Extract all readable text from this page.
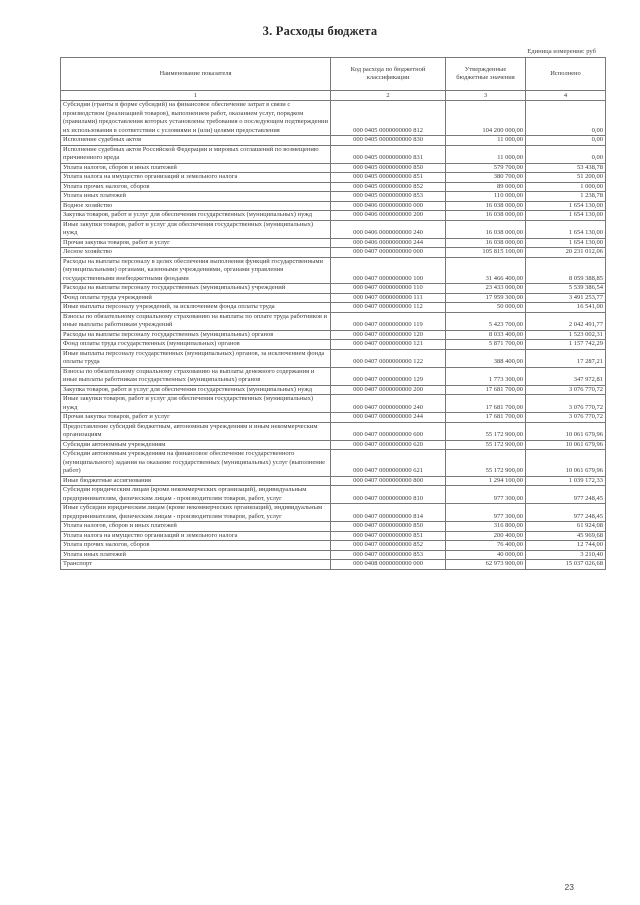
3. Расходы бюджета
Единица измерения: руб
Наименование показателя	Код расхода по бюджетной классификации	Утвержденные бюджетные значения	Исполнено
1	2	3	4
Субсидии (гранты в форме субсидий) на финансовое обеспечение затрат в связи с производством (реализацией товаров), выполнением работ, оказанием услуг, порядком (правилами) предоставления которых установлены требования о последующем подтверждении их использования в соответствии с условиями и (или) целями предоставления	000 0405 0000000000 812	104 200 000,00	0,00
Исполнение судебных актов	000 0405 0000000000 830	11 000,00	0,00
Исполнение судебных актов Российской Федерации и мировых соглашений по возмещению причиненного вреда	000 0405 0000000000 831	11 000,00	0,00
Уплата налогов, сборов и иных платежей	000 0405 0000000000 850	579 700,00	53 438,78
Уплата налога на имущество организаций и земельного налога	000 0405 0000000000 851	380 700,00	51 200,00
Уплата прочих налогов, сборов	000 0405 0000000000 852	89 000,00	1 000,00
Уплата иных платежей	000 0405 0000000000 853	110 000,00	1 238,78
Водное хозяйство	000 0406 0000000000 000	16 038 000,00	1 654 130,00
Закупка товаров, работ и услуг для обеспечения государственных (муниципальных) нужд	000 0406 0000000000 200	16 038 000,00	1 654 130,00
Иные закупки товаров, работ и услуг для обеспечения государственных (муниципальных) нужд	000 0406 0000000000 240	16 038 000,00	1 654 130,00
Прочая закупка товаров, работ и услуг	000 0406 0000000000 244	16 038 000,00	1 654 130,00
Лесное хозяйство	000 0407 0000000000 000	105 815 100,00	20 231 012,06
Расходы на выплаты персоналу в целях обеспечения выполнения функций государственными (муниципальными) органами, казенными учреждениями, органами управления государственными внебюджетными фондами	000 0407 0000000000 100	31 466 400,00	8 059 388,85
Расходы на выплаты персоналу государственных (муниципальных) учреждений	000 0407 0000000000 110	23 433 000,00	5 539 386,54
Фонд оплаты труда учреждений	000 0407 0000000000 111	17 959 300,00	3 491 253,77
Иные выплаты персоналу учреждений, за исключением фонда оплаты труда	000 0407 0000000000 112	50 000,00	16 541,00
Взносы по обязательному социальному страхованию на выплаты по оплате труда работников и иные выплаты работникам учреждений	000 0407 0000000000 119	5 423 700,00	2 042 491,77
Расходы на выплаты персоналу государственных (муниципальных) органов	000 0407 0000000000 120	8 033 400,00	1 523 002,31
Фонд оплаты труда государственных (муниципальных) органов	000 0407 0000000000 121	5 871 700,00	1 157 742,29
Иные выплаты персоналу государственных (муниципальных) органов, за исключением фонда оплаты труда	000 0407 0000000000 122	388 400,00	17 287,21
Взносы по обязательному социальному страхованию на выплаты денежного содержания и иные выплаты работникам государственных (муниципальных) органов	000 0407 0000000000 129	1 773 300,00	347 972,81
Закупка товаров, работ и услуг для обеспечения государственных (муниципальных) нужд	000 0407 0000000000 200	17 681 700,00	3 076 770,72
Иные закупки товаров, работ и услуг для обеспечения государственных (муниципальных) нужд	000 0407 0000000000 240	17 681 700,00	3 076 770,72
Прочая закупка товаров, работ и услуг	000 0407 0000000000 244	17 681 700,00	3 076 770,72
Предоставление субсидий бюджетным, автономным учреждениям и иным некоммерческим организациям	000 0407 0000000000 600	55 172 900,00	10 061 679,96
Субсидии автономным учреждениям	000 0407 0000000000 620	55 172 900,00	10 061 679,96
Субсидии автономным учреждениям на финансовое обеспечение государственного (муниципального) задания на оказание государственных (муниципальных) услуг (выполнение работ)	000 0407 0000000000 621	55 172 900,00	10 061 679,96
Иные бюджетные ассигнования	000 0407 0000000000 800	1 294 100,00	1 039 172,33
Субсидии юридическим лицам (кроме некоммерческих организаций), индивидуальным предпринимателям, физическим лицам - производителям товаров, работ, услуг	000 0407 0000000000 810	977 300,00	977 248,45
Иные субсидии юридическим лицам (кроме некоммерческих организаций), индивидуальным предпринимателям, физическим лицам - производителям товаров, работ, услуг	000 0407 0000000000 814	977 300,00	977 248,45
Уплата налогов, сборов и иных платежей	000 0407 0000000000 850	316 800,00	61 924,08
Уплата налога на имущество организаций и земельного налога	000 0407 0000000000 851	200 400,00	45 969,68
Уплата прочих налогов, сборов	000 0407 0000000000 852	76 400,00	12 744,00
Уплата иных платежей	000 0407 0000000000 853	40 000,00	3 210,40
Транспорт	000 0408 0000000000 000	62 973 900,00	15 037 026,68
23
